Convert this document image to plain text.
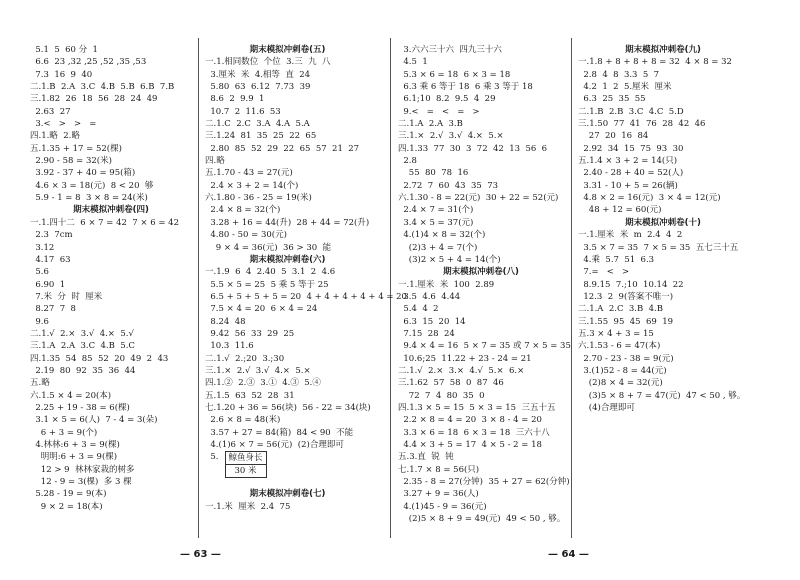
5.1  5  60 分  1
6.6  23 ,32 ,25 ,52 ,35 ,53
7.3  16  9  40
二.1.B  2.A  3.C  4.B  5.B  6.B  7.B
三.1.82  26  18  56  28  24  49
2.63  27
3.<   >   >   =
四.1.略  2.略
五.1.35 + 17 = 52(棵)
2.90 - 58 = 32(米)
3.92 - 37 + 40 = 95(箱)
4.6 × 3 = 18(元)  8 < 20  够
5.9 - 1 = 8  3 × 8 = 24(米)
期末模拟冲刺卷(四)
一.1.四十二  6 × 7 = 42  7 × 6 = 42
2.3  7cm
3.12
4.17  63
5.6
6.90  1
7.米  分  时  厘米
8.27  7  8
9.6
二.1.√  2.×  3.√  4.×  5.√
三.1.A  2.A  3.C  4.B  5.C
四.1.35  54  85  52  20  49  2  43
2.19  80  92  35  36  44
五.略
六.1.5 × 4 = 20(本)
2.25 + 19 - 38 = 6(棵)
3.1 × 5 = 6(人)  7 - 4 = 3(朵)
6 + 3 = 9(个)
4.林林:6 + 3 = 9(棵)
明明:6 + 3 = 9(棵)
12 > 9  林林家栽的树多
12 - 9 = 3(棵)  多 3 棵
5.28 - 19 = 9(本)
9 × 2 = 18(本)
期末模拟冲刺卷(五)
一.1.相同数位  个位  3.三  九  八
3.厘米  米  4.相等  直  24
5.80  63  6.12  7.73  39
8.6  2  9.9  1
10.7  2  11.6  53
二.1.C  2.C  3.A  4.A  5.A
三.1.24  81  35  25  22  65
2.80  85  52  29  22  65  57  21  27
四.略
五.1.70 - 43 = 27(元)
2.4 × 3 + 2 = 14(个)
六.1.80 - 36 - 25 = 19(米)
2.4 × 8 = 32(个)
3.28 + 16 = 44(升)  28 + 44 = 72(升)
4.80 - 50 = 30(元)
9 × 4 = 36(元)  36 > 30  能
期末模拟冲刺卷(六)
一.1.9  6  4  2.40  5  3.1  2  4.6
5.5 × 5 = 25  5 乘 5 等于 25
6.5 + 5 + 5 + 5 = 20  4 + 4 + 4 + 4 + 4 = 20
7.5 × 4 = 20  6 × 4 = 24
8.24  48
9.42  56  33  29  25
10.3  11.6
二.1.√  2.;20  3.;30
三.1.×  2.√  3.√  4.×  5.×
四.1.②  2.③  3.①  4.③  5.④
五.1.5  63  52  28  31
七.1.20 + 36 = 56(块)  56 - 22 = 34(块)
2.6 × 8 = 48(米)
3.57 + 27 = 84(箱)  84 < 90  不能
4.(1)6 × 7 = 56(元)  (2)合理即可
5.	鲸鱼身长
30 米
期末模拟冲刺卷(七)
一.1.米  厘米  2.4  75
3.六六三十六  四九三十六
4.5  1
5.3 × 6 = 18  6 × 3 = 18
6.3 乘 6 等于 18  6 乘 3 等于 18
6.1;10  8.2  9.5  4  29
9.<   =   <   =   >
二.1.A  2.A  3.B
三.1.×  2.√  3.√  4.×  5.×
四.1.33  77  30  3  72  42  13  56  6
2.8
55  80  78  16
2.72  7  60  43  35  73
六.1.30 - 8 = 22(元)  30 + 22 = 52(元)
2.4 × 7 = 31(个)
3.4 × 5 = 37(元)
4.(1)4 × 8 = 32(个)
(2)3 + 4 = 7(个)
(3)2 × 5 + 4 = 14(个)
期末模拟冲刺卷(八)
一.1.厘米  米  100  2.89
3.5  4.6  4.44
5.4  4  2
6.3  15  20  14
7.15  28  24
9.4 × 4 = 16  5 × 7 = 35 或 7 × 5 = 35
10.6;25  11.22 + 23 - 24 = 21
二.1.√  2.×  3.×  4.√  5.×  6.×
三.1.62  57  58  0  87  46
72  7  4  80  35  0
四.1.3 × 5 = 15  5 × 3 = 15  三五十五
2.2 × 8 = 4 = 20  3 × 8 - 4 = 20
3.3 × 6 = 18  6 × 3 = 18  三六十八
4.4 × 3 + 5 = 17  4 × 5 - 2 = 18
五.3.直  锐  钝
七.1.7 × 8 = 56(只)
2.35 - 8 = 27(分钟)  35 + 27 = 62(分钟)
3.27 + 9 = 36(人)
4.(1)45 - 9 = 36(元)
(2)5 × 8 + 9 = 49(元)  49 < 50 , 够。
期末模拟冲刺卷(九)
一.1.8 + 8 + 8 + 8 = 32  4 × 8 = 32
2.8  4  8  3.3  5  7
4.2  1  2  5.厘米  厘米
6.3  25  35  55
二.1.B  2.B  3.C  4.C  5.D
三.1.50  77  41  76  28  42  46
27  20  16  84
2.92  34  15  75  93  30
五.1.4 × 3 + 2 = 14(只)
2.40 - 28 + 40 = 52(人)
3.31 - 10 + 5 = 26(辆)
4.8 × 2 = 16(元)  3 × 4 = 12(元)
48 + 12 = 60(元)
期末模拟冲刺卷(十)
一.1.厘米  米  m  2.4  4  2
3.5 × 7 = 35  7 × 5 = 35  五七三十五
4.乘  5.7  51  6.3
7.=   <   >
8.9.15  7.;10  10.14  22
12.3  2  9(答案不唯一)
二.1.A  2.C  3.B  4.B
三.1.55  95  45  69  19
五.3 × 4 + 3 = 15
六.1.53 - 6 = 47(本)
2.70 - 23 - 38 = 9(元)
3.(1)52 - 8 = 44(元)
(2)8 × 4 = 32(元)
(3)5 × 8 + 7 = 47(元)  47 < 50 , 够。
(4)合理即可
— 63 —	— 64 —
